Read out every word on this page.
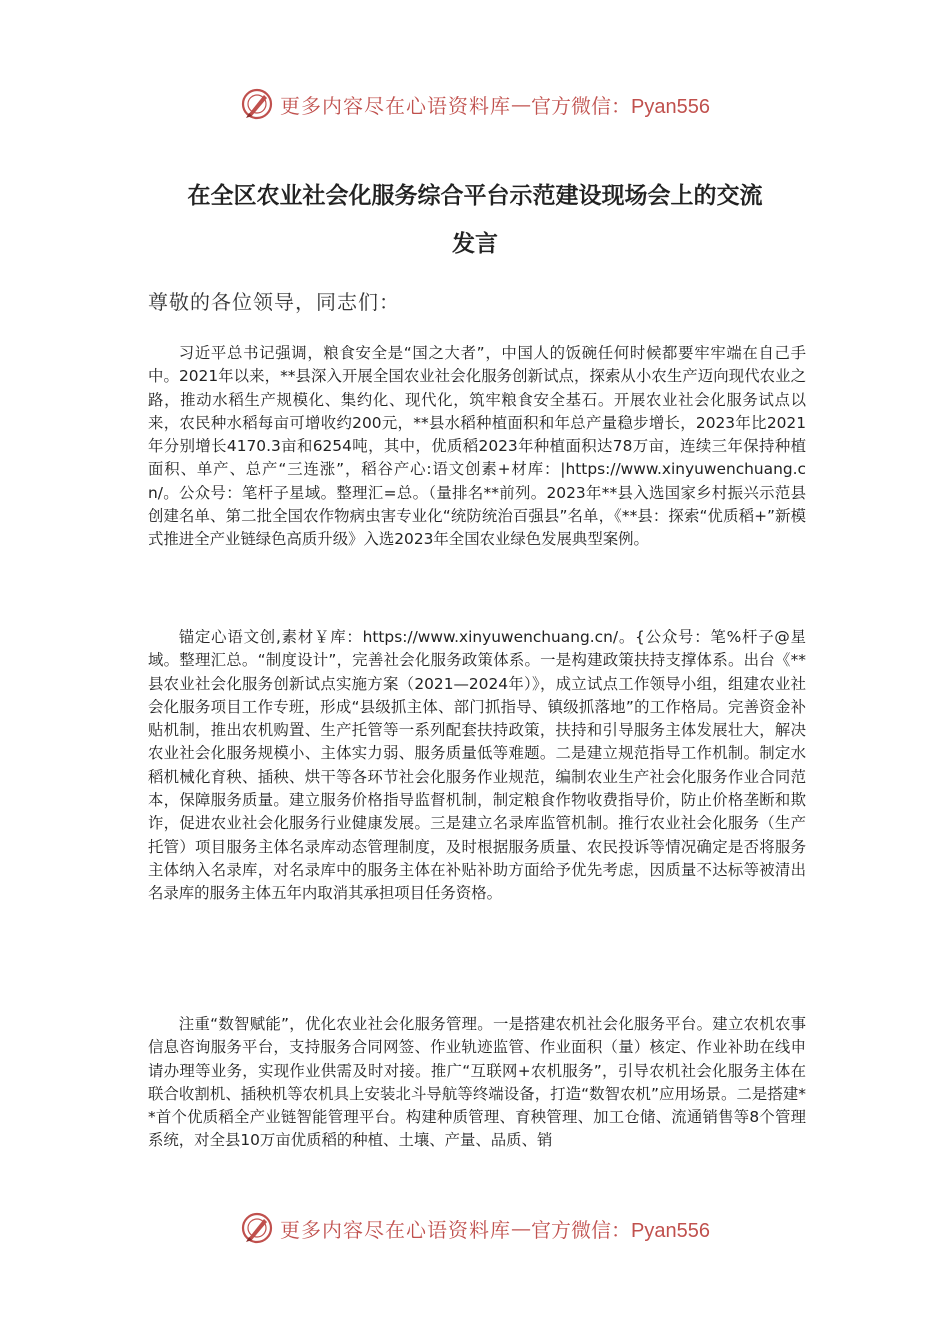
更多内容尽在心语资料库 — 官方微信：Pyan556
在全区农业社会化服务综合平台示范建设现场会上的交流
发言
尊敬的各位领导，同志们：

习近平总书记强调，粮食安全是“国之大者”，中国人的饭碗任何时候都要牢牢端在自己手中。2021年以来，**县深入开展全国农业社会化服务创新试点，探索从小农生产迈向现代农业之路，推动水稻生产规模化、集约化、现代化，筑牢粮食安全基石。开展农业社会化服务试点以来，农民种水稻每亩可增收约200元，**县水稻种植面积和年总产量稳步增长，2023年比2021年分别增长4170.3亩和6254吨，其中，优质稻2023年种植面积达78万亩，连续三年保持种植面积、单产、总产“三连涨”，稻谷产心:语文创素+材库：|https://www.xinyuwenchuang.cn/。公众号：笔杆子星域。整理汇=总。（量排名**前列。2023年**县入选国家乡村振兴示范县创建名单、第二批全国农作物病虫害专业化“统防统治百强县”名单，《**县：探索“优质稻+”新模式推进全产业链绿色高质升级》入选2023年全国农业绿色发展典型案例。

锚定心语文创,素材￥库：https://www.xinyuwenchuang.cn/。{公众号：笔%杆子@星域。整理汇总。“制度设计”，完善社会化服务政策体系。一是构建政策扶持支撑体系。出台《**县农业社会化服务创新试点实施方案（2021—2024年）》，成立试点工作领导小组，组建农业社会化服务项目工作专班，形成“县级抓主体、部门抓指导、镇级抓落地”的工作格局。完善资金补贴机制，推出农机购置、生产托管等一系列配套扶持政策，扶持和引导服务主体发展壮大，解决农业社会化服务规模小、主体实力弱、服务质量低等难题。二是建立规范指导工作机制。制定水稻机械化育秧、插秧、烘干等各环节社会化服务作业规范，编制农业生产社会化服务作业合同范本，保障服务质量。建立服务价格指导监督机制，制定粮食作物收费指导价，防止价格垄断和欺诈，促进农业社会化服务行业健康发展。三是建立名录库监管机制。推行农业社会化服务（生产托管）项目服务主体名录库动态管理制度，及时根据服务质量、农民投诉等情况确定是否将服务主体纳入名录库，对名录库中的服务主体在补贴补助方面给予优先考虑，因质量不达标等被清出名录库的服务主体五年内取消其承担项目任务资格。

注重“数智赋能”，优化农业社会化服务管理。一是搭建农机社会化服务平台。建立农机农事信息咨询服务平台，支持服务合同网签、作业轨迹监管、作业面积（量）核定、作业补助在线申请办理等业务，实现作业供需及时对接。推广“互联网+农机服务”，引导农机社会化服务主体在联合收割机、插秧机等农机具上安装北斗导航等终端设备，打造“数智农机”应用场景。二是搭建**首个优质稻全产业链智能管理平台。构建种质管理、育秧管理、加工仓储、流通销售等8个管理系统，对全县10万亩优质稻的种植、土壤、产量、品质、销

更多内容尽在心语资料库 — 官方微信：Pyan556
